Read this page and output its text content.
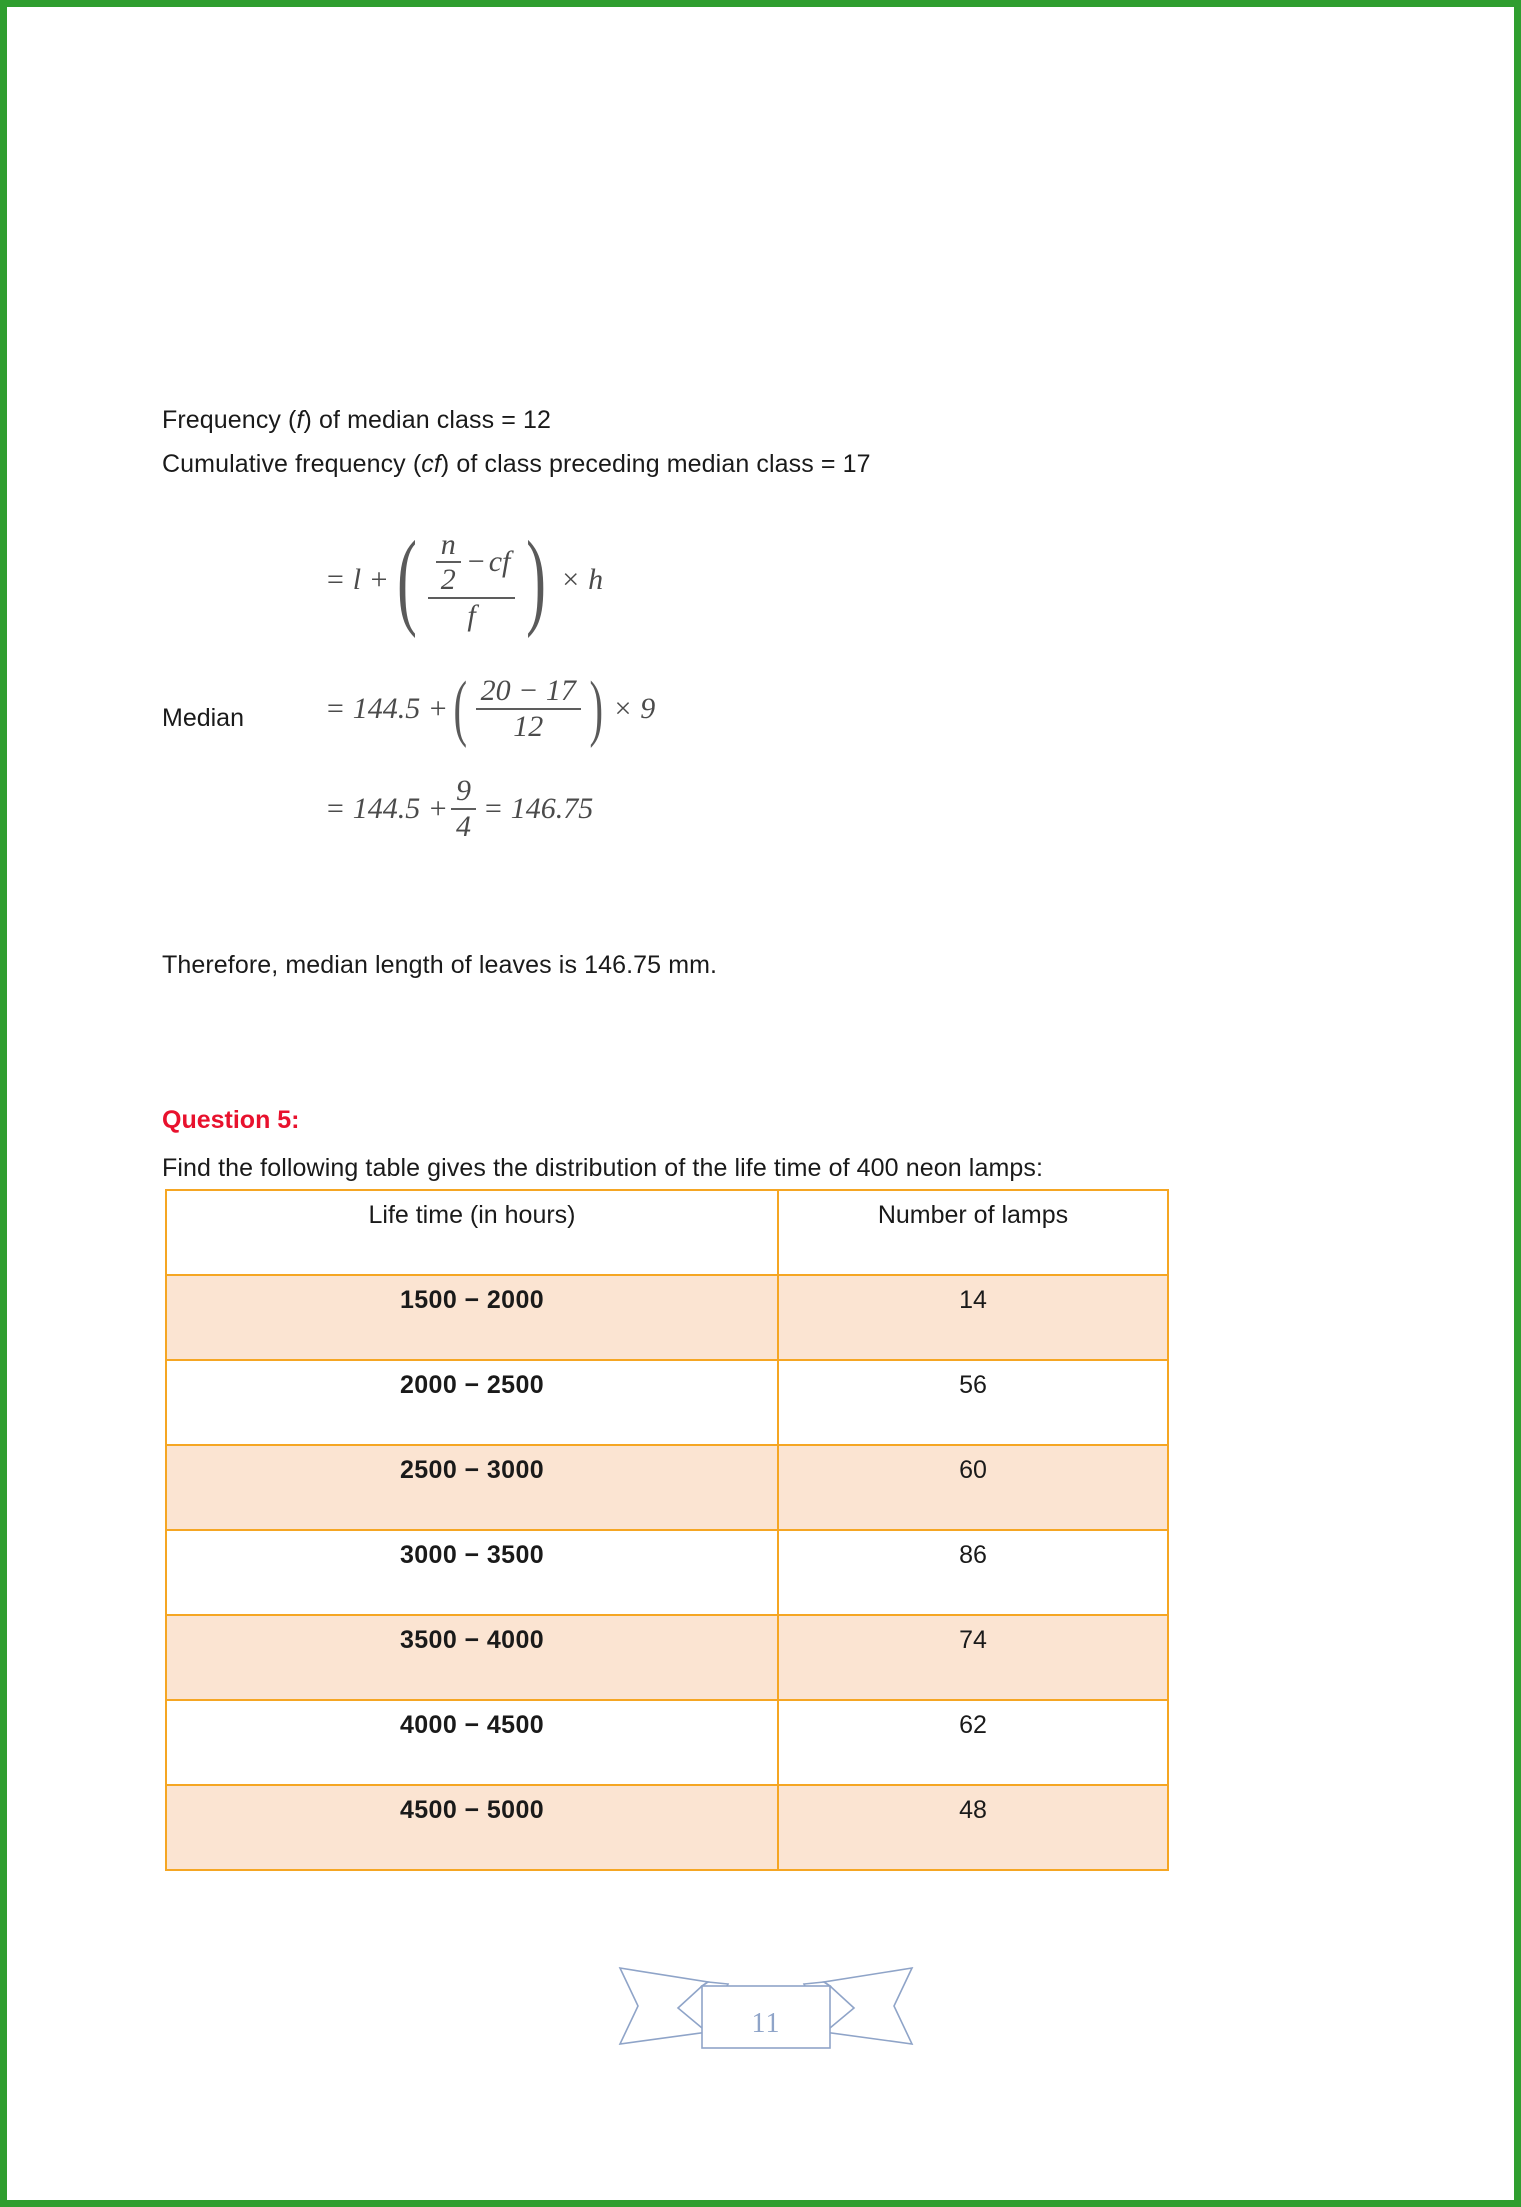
Frequency (f) of median class = 12
Cumulative frequency (cf) of class preceding median class = 17
Median
= l + ( $\frac{n}{2}$ − cf
f ) × h
= 144.5 + ( $\frac{20 - 17}{12}$ ) × 9
= $144.5 + \frac{9}{4} = 146.75$
Therefore, median length of leaves is 146.75 mm.
Question 5:
Find the following table gives the distribution of the life time of 400 neon lamps:
Life time (in hours)	Number of lamps
1500 − 2000	14
2000 − 2500	56
2500 − 3000	60
3000 − 3500	86
3500 − 4000	74
4000 − 4500	62
4500 − 5000	48
11
